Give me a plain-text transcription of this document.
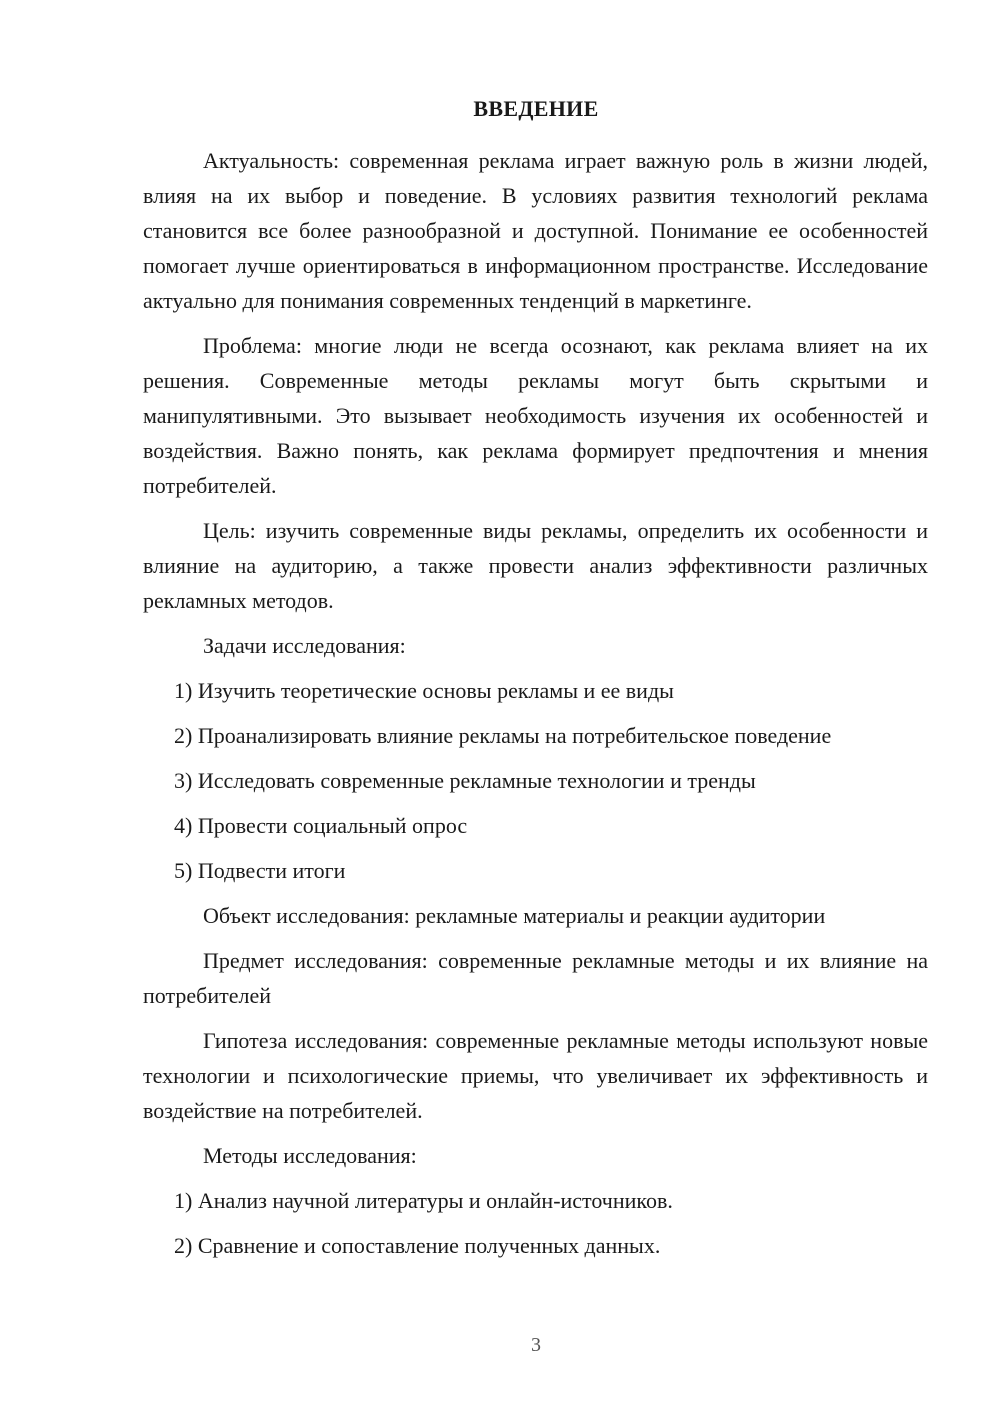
ВВЕДЕНИЕ

Актуальность: современная реклама играет важную роль в жизни людей, влияя на их выбор и поведение. В условиях развития технологий реклама становится все более разнообразной и доступной. Понимание ее особенностей помогает лучше ориентироваться в информационном пространстве. Исследование актуально для понимания современных тенденций в маркетинге.

Проблема: многие люди не всегда осознают, как реклама влияет на их решения. Современные методы рекламы могут быть скрытыми и манипулятивными. Это вызывает необходимость изучения их особенностей и воздействия. Важно понять, как реклама формирует предпочтения и мнения потребителей.

Цель: изучить современные виды рекламы, определить их особенности и влияние на аудиторию, а также провести анализ эффективности различных рекламных методов.

Задачи исследования:
1) Изучить теоретические основы рекламы и ее виды
2) Проанализировать влияние рекламы на потребительское поведение
3) Исследовать современные рекламные технологии и тренды
4) Провести социальный опрос
5) Подвести итоги

Объект исследования: рекламные материалы и реакции аудитории

Предмет исследования: современные рекламные методы и их влияние на потребителей

Гипотеза исследования: современные рекламные методы используют новые технологии и психологические приемы, что увеличивает их эффективность и воздействие на потребителей.

Методы исследования:
1) Анализ научной литературы и онлайн-источников.
2) Сравнение и сопоставление полученных данных.
3
